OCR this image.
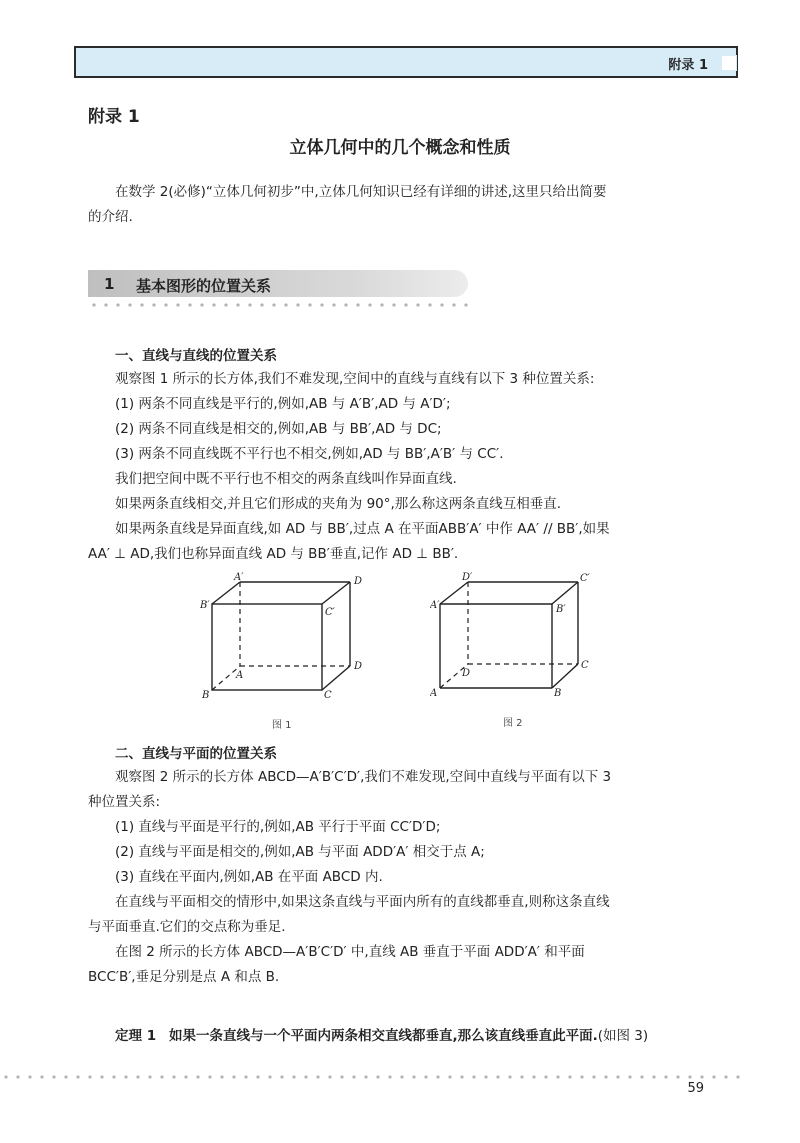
附录 1
附录 1
立体几何中的几个概念和性质

在数学 2(必修)“立体几何初步”中,立体几何知识已经有详细的讲述,这里只给出简要

的介绍.

1 基本图形的位置关系
一、直线与直线的位置关系

观察图 1 所示的长方体,我们不难发现,空间中的直线与直线有以下 3 种位置关系:

(1) 两条不同直线是平行的,例如,AB 与 A′B′,AD 与 A′D′;

(2) 两条不同直线是相交的,例如,AB 与 BB′,AD 与 DC;

(3) 两条不同直线既不平行也不相交,例如,AD 与 BB′,A′B′ 与 CC′.

我们把空间中既不平行也不相交的两条直线叫作异面直线.

如果两条直线相交,并且它们形成的夹角为 90°,那么称这两条直线互相垂直.

如果两条直线是异面直线,如 AD 与 BB′,过点 A 在平面ABB′A′ 中作 AA′ // BB′,如果

AA′ ⊥ AD,我们也称异面直线 AD 与 BB′垂直,记作 AD ⊥ BB′.

A′	D
B′
C′
A
D
B	C
图 1
D′	C′
A′	B′
D
C
A	B
图 2
二、直线与平面的位置关系

观察图 2 所示的长方体 ABCD—A′B′C′D′,我们不难发现,空间中直线与平面有以下 3

种位置关系:

(1) 直线与平面是平行的,例如,AB 平行于平面 CC′D′D;

(2) 直线与平面是相交的,例如,AB 与平面 ADD′A′ 相交于点 A;

(3) 直线在平面内,例如,AB 在平面 ABCD 内.

在直线与平面相交的情形中,如果这条直线与平面内所有的直线都垂直,则称这条直线

与平面垂直.它们的交点称为垂足.

在图 2 所示的长方体 ABCD—A′B′C′D′ 中,直线 AB 垂直于平面 ADD′A′ 和平面

BCC′B′,垂足分别是点 A 和点 B.

定理 1 如果一条直线与一个平面内两条相交直线都垂直,那么该直线垂直此平面.(如图 3)
59
